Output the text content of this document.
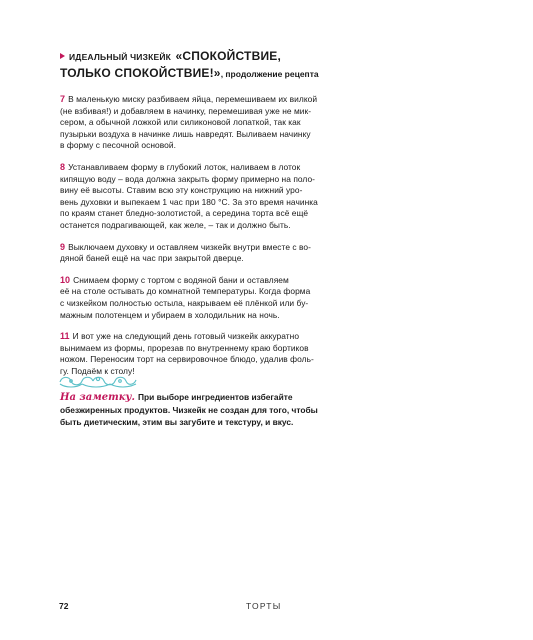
ИДЕАЛЬНЫЙ ЧИЗКЕЙК «СПОКОЙСТВИЕ,
ТОЛЬКО СПОКОЙСТВИЕ!», продолжение рецепта
7 В маленькую миску разбиваем яйца, перемешиваем их вилкой
(не взбивая!) и добавляем в начинку, перемешивая уже не мик-
сером, а обычной ложкой или силиконовой лопаткой, так как
пузырьки воздуха в начинке лишь навредят. Выливаем начинку
в форму с песочной основой.
8 Устанавливаем форму в глубокий лоток, наливаем в лоток
кипящую воду – вода должна закрыть форму примерно на поло-
вину её высоты. Ставим всю эту конструкцию на нижний уро-
вень духовки и выпекаем 1 час при 180 °С. За это время начинка
по краям станет бледно-золотистой, а середина торта всё ещё
останется подрагивающей, как желе, – так и должно быть.
9 Выключаем духовку и оставляем чизкейк внутри вместе с во-
дяной баней ещё на час при закрытой дверце.
10 Снимаем форму с тортом с водяной бани и оставляем
её на столе остывать до комнатной температуры. Когда форма
с чизкейком полностью остыла, накрываем её плёнкой или бу-
мажным полотенцем и убираем в холодильник на ночь.
11 И вот уже на следующий день готовый чизкейк аккуратно
вынимаем из формы, прорезав по внутреннему краю бортиков
ножом. Переносим торт на сервировочное блюдо, удалив фоль-
гу. Подаём к столу!
На заметку. При выборе ингредиентов избегайте
обезжиренных продуктов. Чизкейк не создан для того, чтобы
быть диетическим, этим вы загубите и текстуру, и вкус.
72	ТОРТЫ
